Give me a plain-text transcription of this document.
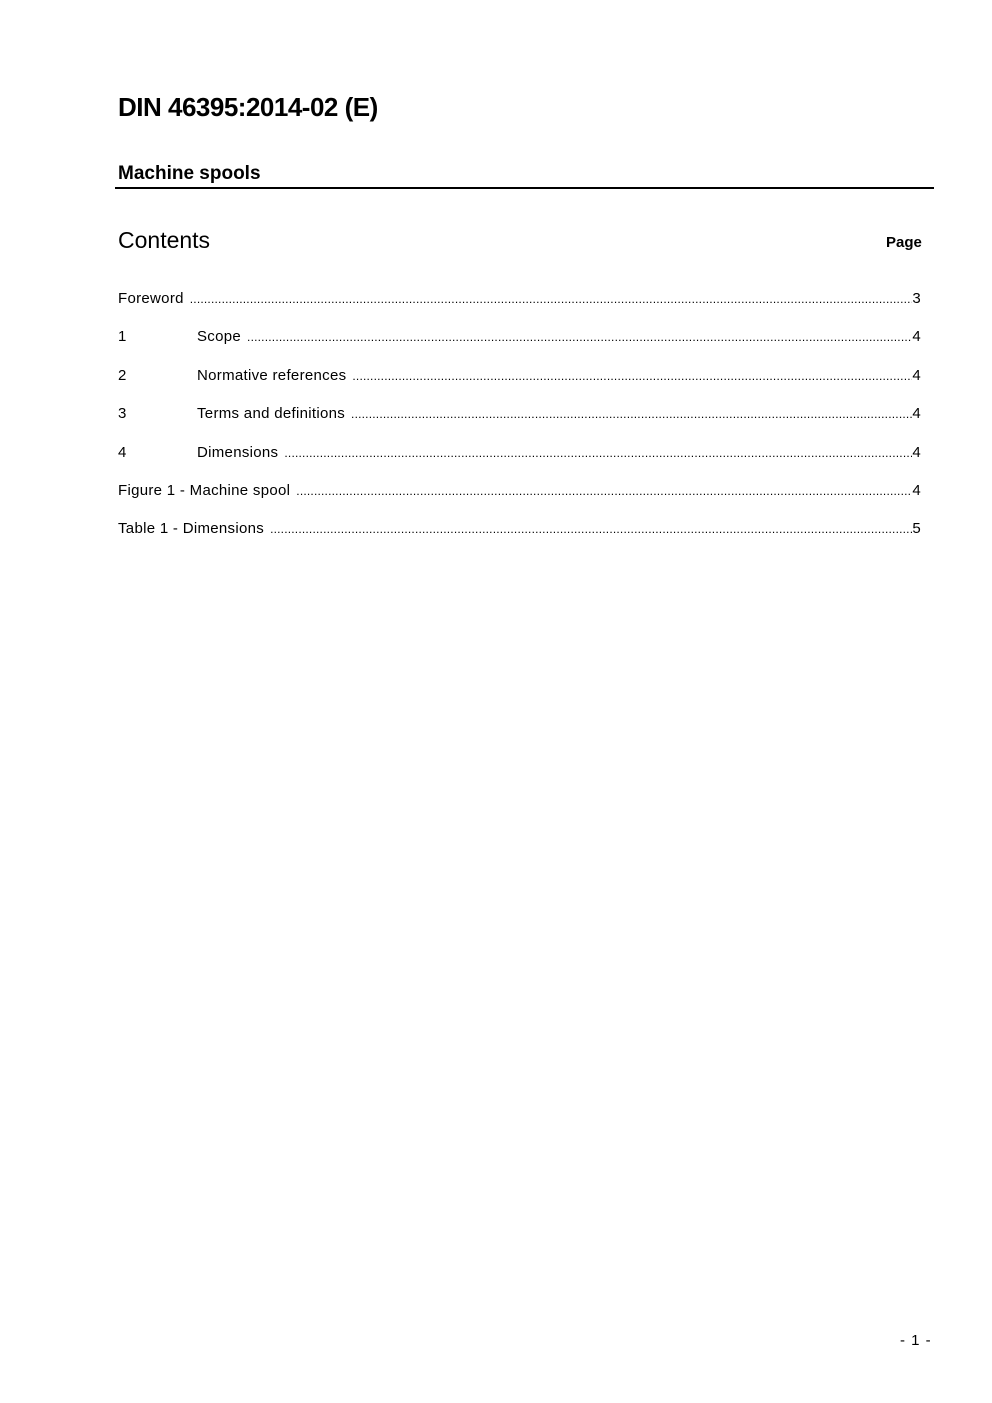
DIN 46395:2014-02 (E)
Machine spools
Contents	Page
Foreword .....	3
1	Scope .....	4
2	Normative references .....	4
3	Terms and definitions .....	4
4	Dimensions .....	4
Figure 1 - Machine spool .....	4
Table 1 - Dimensions .....	5
- 1 -
